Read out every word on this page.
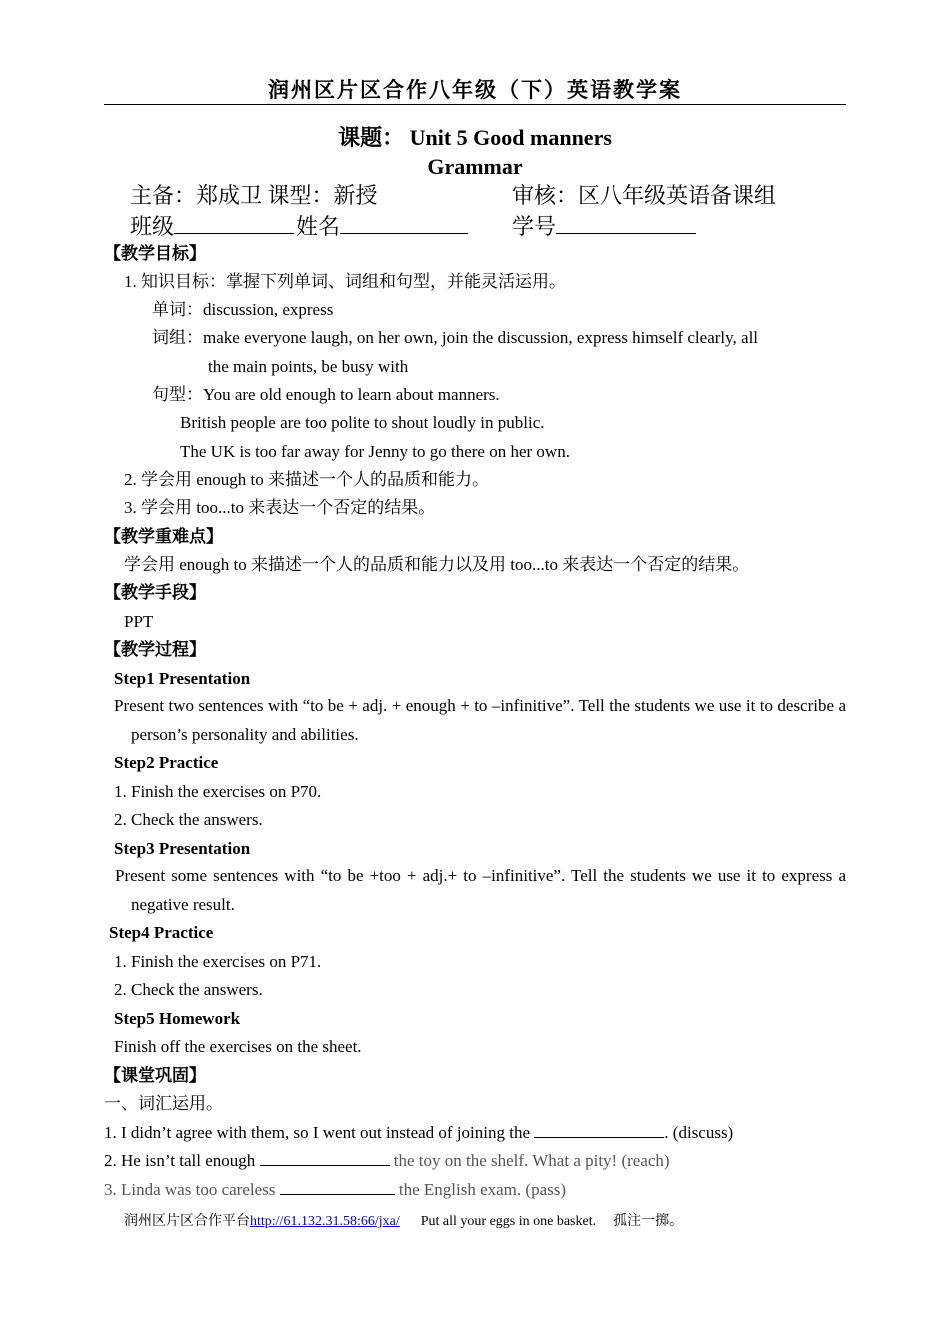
润州区片区合作八年级（下）英语教学案
课题： Unit 5 Good manners
Grammar
主备：郑成卫 课型：新授	审核：区八年级英语备课组
班级	姓名	学号
【教学目标】
1. 知识目标：掌握下列单词、词组和句型，并能灵活运用。
单词：discussion, express
词组：make everyone laugh, on her own, join the discussion, express himself clearly, all
the main points, be busy with
句型：You are old enough to learn about manners.
British people are too polite to shout loudly in public.
The UK is too far away for Jenny to go there on her own.
2. 学会用 enough to 来描述一个人的品质和能力。
3. 学会用 too...to 来表达一个否定的结果。
【教学重难点】
学会用 enough to 来描述一个人的品质和能力以及用 too...to 来表达一个否定的结果。
【教学手段】
PPT
【教学过程】
Step1 Presentation
Present two sentences with “to be + adj. + enough + to –infinitive”. Tell the students we use it to describe a person’s personality and abilities.
Step2 Practice
1. Finish the exercises on P70.
2. Check the answers.
Step3 Presentation
Present some sentences with “to be +too + adj.+ to –infinitive”. Tell the students we use it to express a negative result.
Step4 Practice
1. Finish the exercises on P71.
2. Check the answers.
Step5 Homework
Finish off the exercises on the sheet.
【课堂巩固】
一、词汇运用。
1. I didn’t agree with them, so I went out instead of joining the	. (discuss)
2. He isn’t tall enough	the toy on the shelf. What a pity! (reach)
3. Linda was too careless	the English exam. (pass)
润州区片区合作平台http://61.132.31.58:66/jxa/ Put all your eggs in one basket. 孤注一掷。
